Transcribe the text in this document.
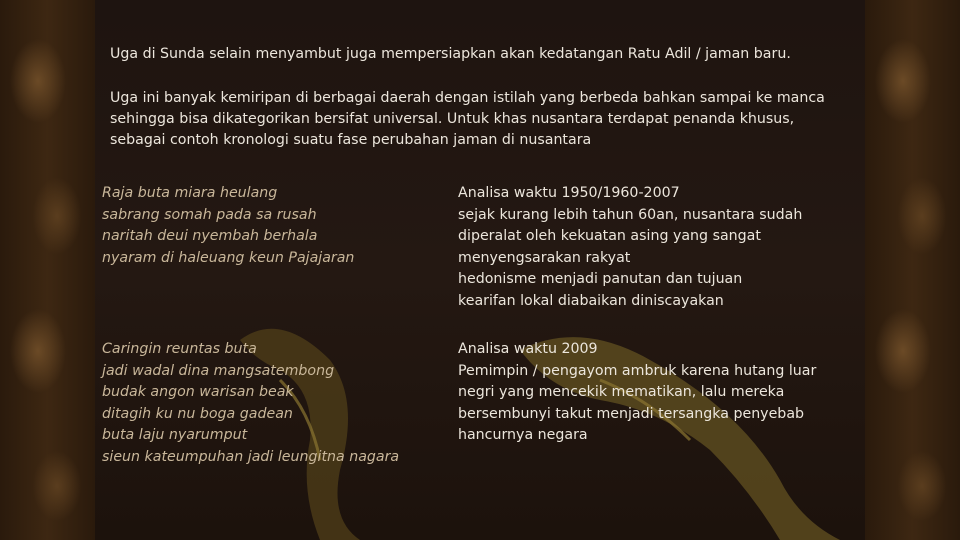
Uga di Sunda selain menyambut juga mempersiapkan akan kedatangan Ratu Adil / jaman baru.
Uga ini banyak kemiripan di berbagai daerah dengan istilah yang berbeda bahkan sampai ke manca
sehingga bisa dikategorikan bersifat universal. Untuk khas nusantara terdapat penanda khusus,
sebagai contoh kronologi suatu fase perubahan jaman di nusantara
Raja buta miara heulang
sabrang somah pada sa rusah
naritah deui nyembah berhala
nyaram di haleuang keun Pajajaran
Analisa waktu 1950/1960-2007
sejak kurang lebih tahun 60an, nusantara sudah
diperalat oleh kekuatan asing yang sangat
menyengsarakan rakyat
hedonisme menjadi panutan dan tujuan
kearifan lokal diabaikan diniscayakan
Caringin reuntas buta
jadi wadal dina mangsatembong
budak angon warisan beak
ditagih ku nu boga gadean
buta laju nyarumput
sieun kateumpuhan jadi leungitna nagara
Analisa waktu 2009
Pemimpin / pengayom ambruk karena hutang luar
negri yang mencekik mematikan, lalu mereka
bersembunyi takut menjadi tersangka penyebab
hancurnya negara
